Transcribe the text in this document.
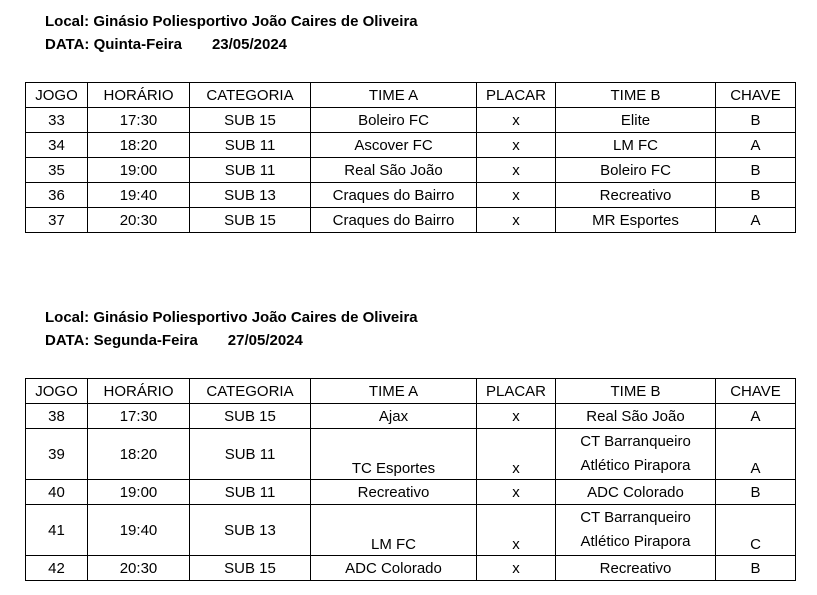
Local: Ginásio Poliesportivo João Caires de Oliveira
DATA: Quinta-Feira 23/05/2024
JOGO	HORÁRIO	CATEGORIA	TIME A	PLACAR	TIME B	CHAVE
33	17:30	SUB 15	Boleiro FC	x	Elite	B
34	18:20	SUB 11	Ascover FC	x	LM FC	A
35	19:00	SUB 11	Real São João	x	Boleiro FC	B
36	19:40	SUB 13	Craques do Bairro	x	Recreativo	B
37	20:30	SUB 15	Craques do Bairro	x	MR Esportes	A
Local: Ginásio Poliesportivo João Caires de Oliveira
DATA: Segunda-Feira 27/05/2024
JOGO	HORÁRIO	CATEGORIA	TIME A	PLACAR	TIME B	CHAVE
38	17:30	SUB 15	Ajax	x	Real São João	A
39	18:20	SUB 11	TC Esportes	x	CT Barranqueiro
Atlético Pirapora	A
40	19:00	SUB 11	Recreativo	x	ADC Colorado	B
41	19:40	SUB 13	LM FC	x	CT Barranqueiro
Atlético Pirapora	C
42	20:30	SUB 15	ADC Colorado	x	Recreativo	B
